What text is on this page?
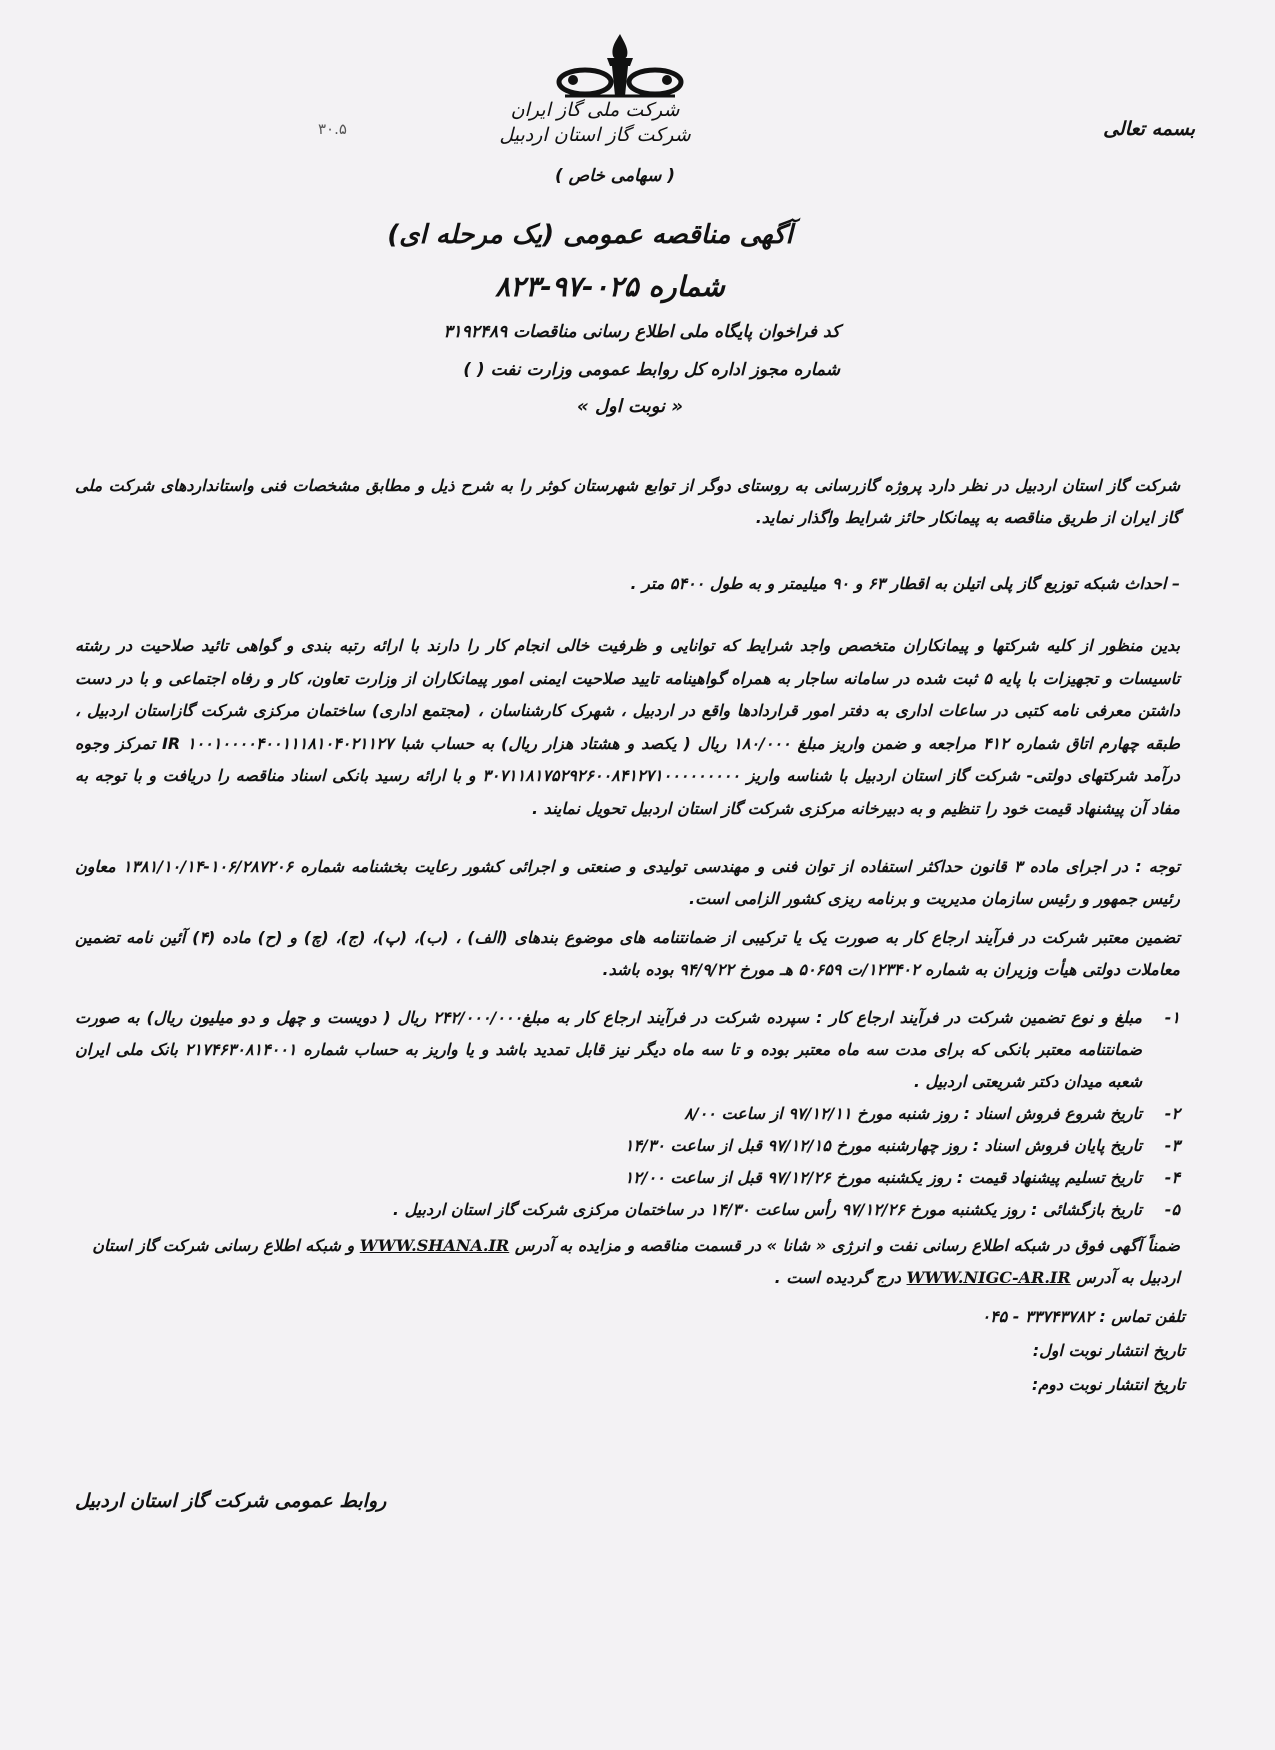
بسمه تعالی
۳۰.۵
شرکت ملی گاز ایران
شرکت گاز استان اردبیل
( سهامی خاص )
آگهی مناقصه عمومی (یک مرحله ای)
شماره ۰۲۵-۹۷-۸۲۳
کد فراخوان پایگاه ملی اطلاع رسانی مناقصات ۳۱۹۲۴۸۹
شماره مجوز اداره کل روابط عمومی وزارت نفت ( )
« نوبت اول »
شرکت گاز استان اردبیل در نظر دارد پروژه گازرسانی به روستای دوگر از توابع شهرستان کوثر را به شرح ذیل و مطابق مشخصات فنی واستانداردهای شرکت ملی گاز ایران از طریق مناقصه به پیمانکار حائز شرایط واگذار نماید.
– احداث شبکه توزیع گاز پلی اتیلن به اقطار ۶۳ و ۹۰ میلیمتر و به طول ۵۴۰۰ متر .
بدین منظور از کلیه شرکتها و پیمانکاران متخصص واجد شرایط که توانایی و ظرفیت خالی انجام کار را دارند با ارائه رتبه بندی و گواهی تائید صلاحیت در رشته تاسیسات و تجهیزات با پایه ۵ ثبت شده در سامانه ساجار به همراه گواهینامه تایید صلاحیت ایمنی امور پیمانکاران از وزارت تعاون، کار و رفاه اجتماعی و با در دست داشتن معرفی نامه کتبی در ساعات اداری به دفتر امور قراردادها واقع در اردبیل ، شهرک کارشناسان ، (مجتمع اداری) ساختمان مرکزی شرکت گازاستان اردبیل ، طبقه چهارم اتاق شماره ۴۱۲ مراجعه و ضمن واریز مبلغ ۱۸۰/۰۰۰ ریال ( یکصد و هشتاد هزار ریال) به حساب شبا IR ۱۰۰۱۰۰۰۰۴۰۰۱۱۱۸۱۰۴۰۲۱۱۲۷ تمرکز وجوه درآمد شرکتهای دولتی- شرکت گاز استان اردبیل با شناسه واریز ۳۰۷۱۱۸۱۷۵۲۹۲۶۰۰۸۴۱۲۷۱۰۰۰۰۰۰۰۰۰ و با ارائه رسید بانکی اسناد مناقصه را دریافت و با توجه به مفاد آن پیشنهاد قیمت خود را تنظیم و به دبیرخانه مرکزی شرکت گاز استان اردبیل تحویل نمایند .
توجه : در اجرای ماده ۳ قانون حداکثر استفاده از توان فنی و مهندسی تولیدی و صنعتی و اجرائی کشور رعایت بخشنامه شماره ۱۰۶/۲۸۷۲۰۶-۱۳۸۱/۱۰/۱۴ معاون رئیس جمهور و رئیس سازمان مدیریت و برنامه ریزی کشور الزامی است.
تضمین معتبر شرکت در فرآیند ارجاع کار به صورت یک یا ترکیبی از ضمانتنامه های موضوع بندهای (الف) ، (ب)، (پ)، (ج)، (چ) و (ح) ماده (۴) آئین نامه تضمین معاملات دولتی هیأت وزیران به شماره ۱۲۳۴۰۲/ت ۵۰۶۵۹ هـ مورخ ۹۴/۹/۲۲ بوده باشد.
۱-
مبلغ و نوع تضمین شرکت در فرآیند ارجاع کار : سپرده شرکت در فرآیند ارجاع کار به مبلغ۲۴۲/۰۰۰/۰۰۰ ریال ( دویست و چهل و دو میلیون ریال) به صورت ضمانتنامه معتبر بانکی که برای مدت سه ماه معتبر بوده و تا سه ماه دیگر نیز قابل تمدید باشد و یا واریز به حساب شماره ۲۱۷۴۶۳۰۸۱۴۰۰۱ بانک ملی ایران شعبه میدان دکتر شریعتی اردبیل .
۲-
تاریخ شروع فروش اسناد : روز شنبه مورخ ۹۷/۱۲/۱۱ از ساعت ۸/۰۰
۳-
تاریخ پایان فروش اسناد : روز چهارشنبه مورخ ۹۷/۱۲/۱۵ قبل از ساعت ۱۴/۳۰
۴-
تاریخ تسلیم پیشنهاد قیمت : روز یکشنبه مورخ ۹۷/۱۲/۲۶ قبل از ساعت ۱۲/۰۰
۵-
تاریخ بازگشائی : روز یکشنبه مورخ ۹۷/۱۲/۲۶ رأس ساعت ۱۴/۳۰ در ساختمان مرکزی شرکت گاز استان اردبیل .
ضمناً آگهی فوق در شبکه اطلاع رسانی نفت و انرژی « شانا » در قسمت مناقصه و مزایده به آدرس WWW.SHANA.IR و شبکه اطلاع رسانی شرکت گاز استان اردبیل به آدرس WWW.NIGC-AR.IR درج گردیده است .
تلفن تماس : ۳۳۷۴۳۷۸۲ - ۰۴۵
تاریخ انتشار نوبت اول:
تاریخ انتشار نوبت دوم:
روابط عمومی شرکت گاز استان اردبیل
